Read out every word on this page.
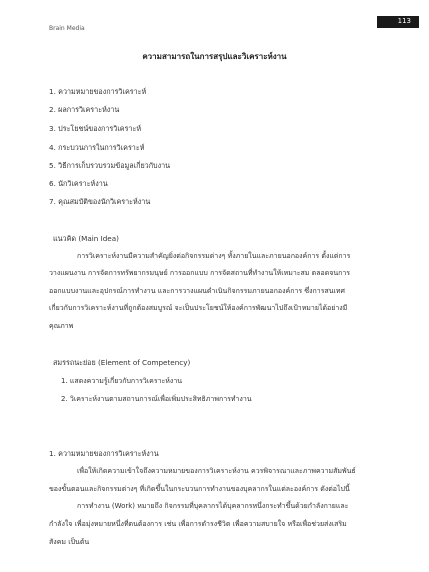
Brain Media
113
ความสามารถในการสรุปและวิเคราะห์งาน
1. ความหมายของการวิเคราะห์
2. ผลการวิเคราะห์งาน
3. ประโยชน์ของการวิเคราะห์
4. กระบวนการในการวิเคราะห์
5. วิธีการเก็บรวบรวมข้อมูลเกี่ยวกับงาน
6. นักวิเคราะห์งาน
7. คุณสมบัติของนักวิเคราะห์งาน
แนวคิด (Main Idea)
การวิเคราะห์งานมีความสำคัญยิ่งต่อกิจกรรมต่างๆ ทั้งภายในและภายนอกองค์การ ตั้งแต่การ
วางแผนงาน การจัดการทรัพยากรมนุษย์ การออกแบบ การจัดสถานที่ทำงานให้เหมาะสม ตลอดจนการ
ออกแบบงานและอุปกรณ์การทำงาน และการวางแผนดำเนินกิจกรรมภายนอกองค์การ ซึ่งการสนเทศ
เกี่ยวกับการวิเคราะห์งานที่ถูกต้องสมบูรณ์ จะเป็นประโยชน์ให้องค์การพัฒนาไปถึงเป้าหมายได้อย่างมี
คุณภาพ
สมรรถนะย่อย (Element of Competency)
1. แสดงความรู้เกี่ยวกับการวิเคราะห์งาน
2. วิเคราะห์งานตามสถานการณ์เพื่อเพิ่มประสิทธิภาพการทำงาน
1. ความหมายของการวิเคราะห์งาน
เพื่อให้เกิดความเข้าใจถึงความหมายของการวิเคราะห์งาน ควรพิจารณาและภาพความสัมพันธ์
ของขั้นตอนและกิจกรรมต่างๆ ที่เกิดขึ้นในกระบวนการทำงานของบุคลากรในแต่ละองค์การ ดังต่อไปนี้
การทำงาน (Work) หมายถึง กิจกรรมที่บุคลากรได้บุคลากรหนึ่งกระทำขึ้นด้วยกำลังกายและ
กำลังใจ เพื่อมุ่งหมายหนึ่งที่ตนต้องการ เช่น เพื่อการดำรงชีวิต เพื่อความสบายใจ หรือเพื่อช่วยส่งเสริม
สังคม เป็นต้น
